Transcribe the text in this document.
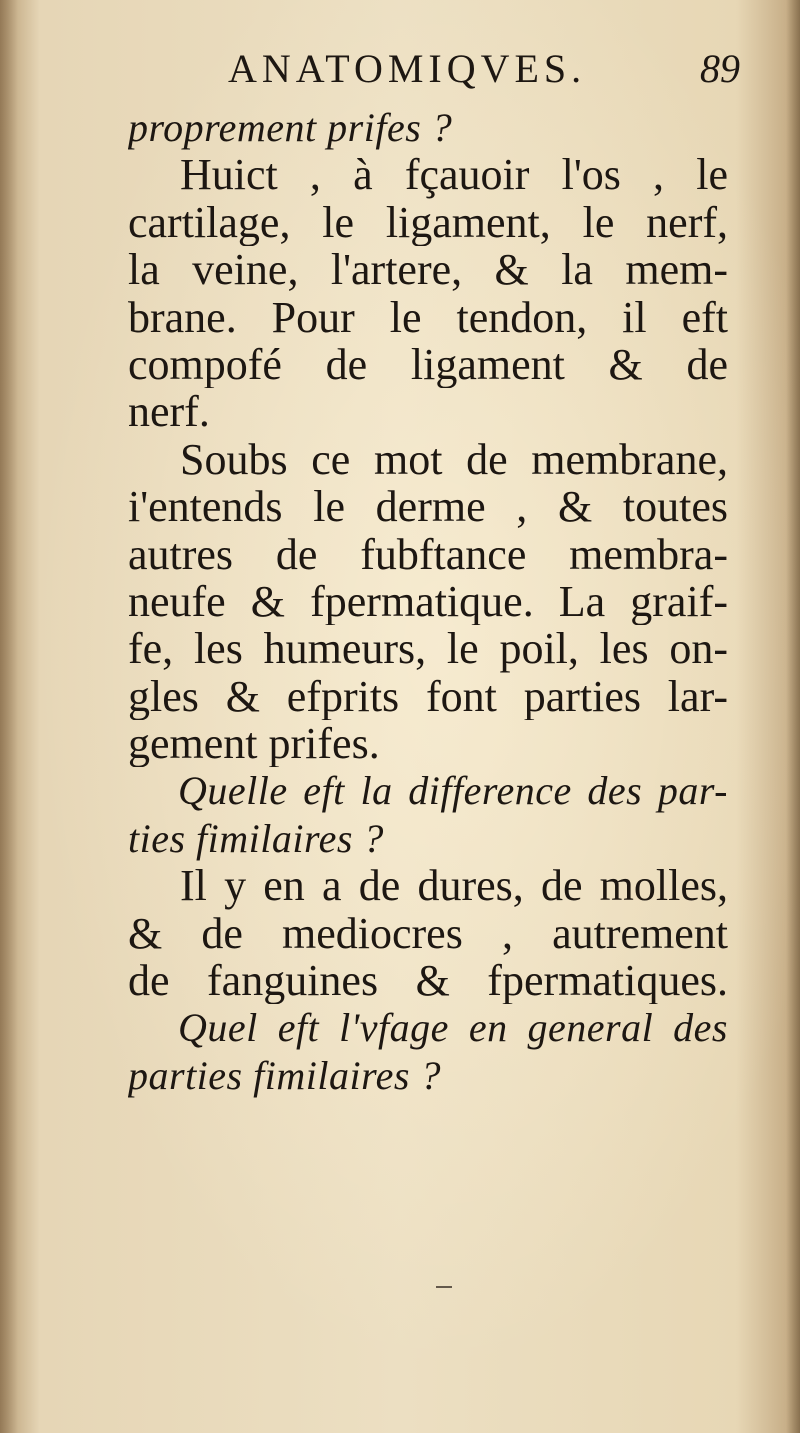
ANATOMIQVES.	89
proprement prifes ?
Huict , à fçauoir l'os , le
cartilage, le ligament, le nerf,
la veine, l'artere, & la mem-
brane. Pour le tendon, il eft
compofé de ligament & de
nerf.
Soubs ce mot de membrane,
i'entends le derme , & toutes
autres de fubftance membra-
neufe & fpermatique. La graif-
fe, les humeurs, le poil, les on-
gles & efprits font parties lar-
gement prifes.
Quelle eft la difference des par-
ties fimilaires ?
Il y en a de dures, de molles,
& de mediocres , autrement
de fanguines & fpermatiques.
Quel eft l'vfage en general des
parties fimilaires ?
